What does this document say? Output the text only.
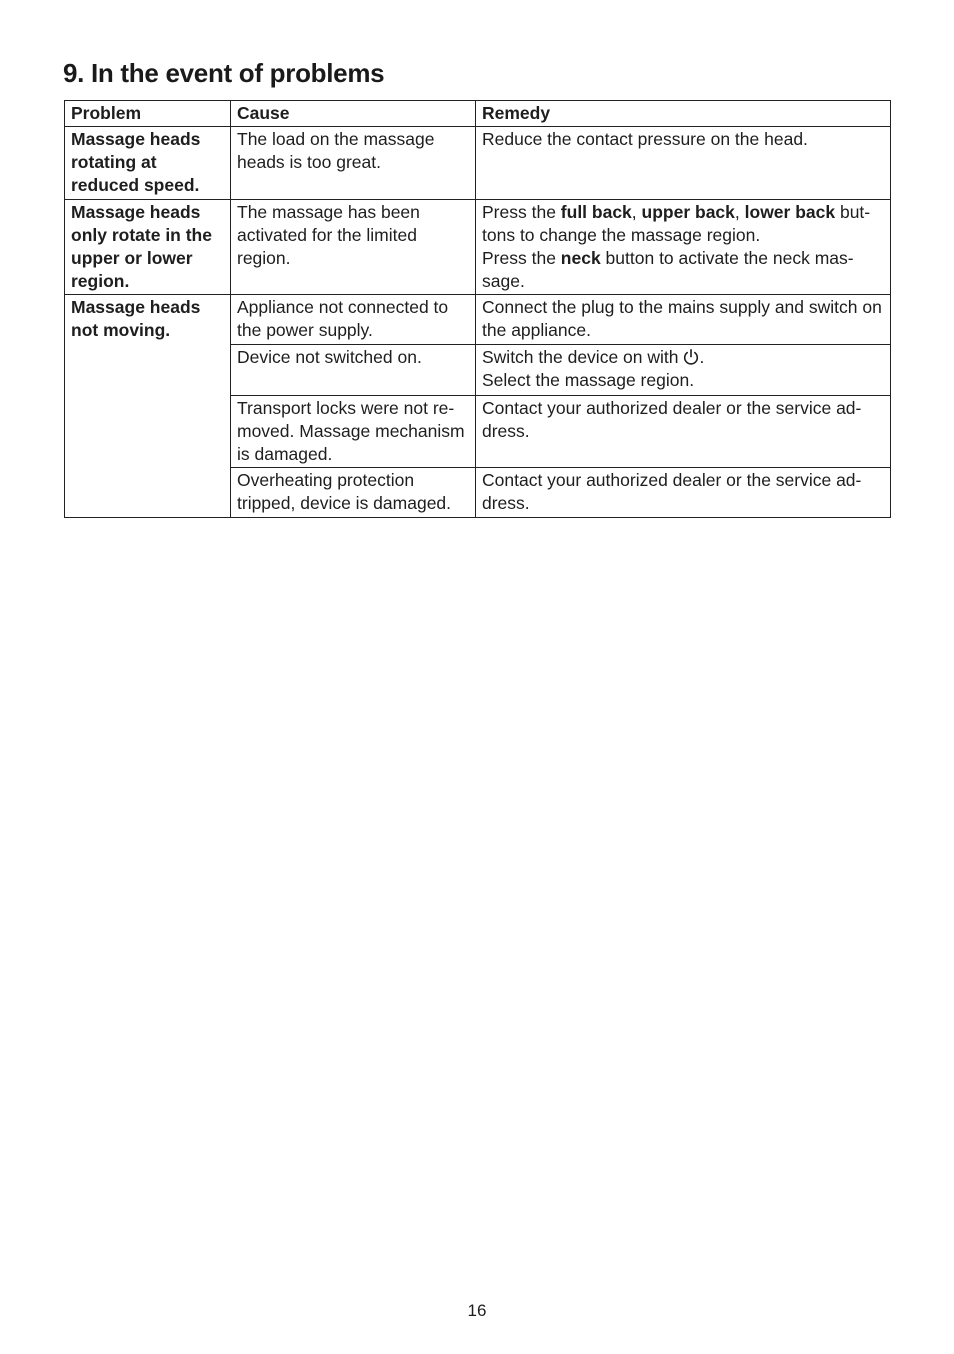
9. In the event of problems
Problem	Cause	Remedy
Massage heads rotating at reduced speed.	The load on the massage heads is too great.	Reduce the contact pressure on the head.
Massage heads only rotate in the upper or lower region.	The massage has been activated for the limited region.	Press the full back, upper back, lower back but-tons to change the massage region.
Press the neck button to activate the neck mas-sage.

Massage heads not moving.	Appliance not connected to the power supply.	Connect the plug to the mains supply and switch on the appliance.
	Device not switched on.	Switch the device on with .
Select the massage region.

	Transport locks were not re-moved. Massage mechanism is damaged.	Contact your authorized dealer or the service ad-dress.
	Overheating protection tripped, device is damaged.	Contact your authorized dealer or the service ad-dress.
16
